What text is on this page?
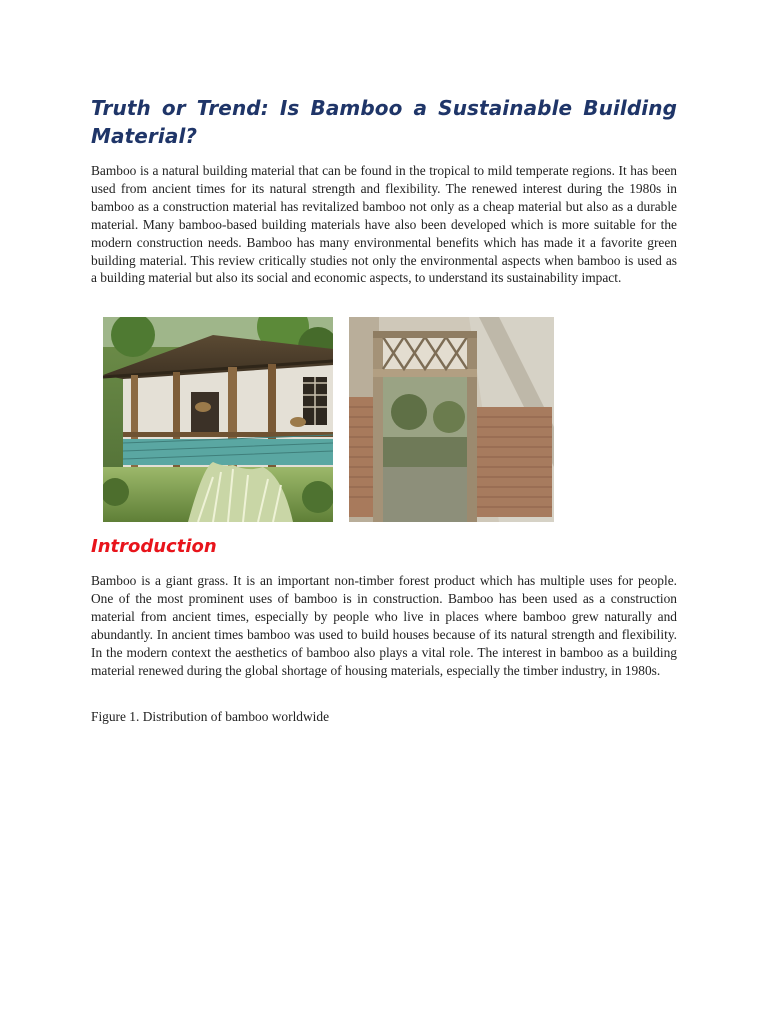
Truth or Trend: Is Bamboo a Sustainable Building Material?

Bamboo is a natural building material that can be found in the tropical to mild temperate regions. It has been used from ancient times for its natural strength and flexibility. The renewed interest during the 1980s in bamboo as a construction material has revitalized bamboo not only as a cheap material but also as a durable material. Many bamboo-based building materials have also been developed which is more suitable for the modern construction needs. Bamboo has many environmental benefits which has made it a favorite green building material. This review critically studies not only the environmental aspects when bamboo is used as a building material but also its social and economic aspects, to understand its sustainability impact.

Introduction

Bamboo is a giant grass. It is an important non-timber forest product which has multiple uses for people. One of the most prominent uses of bamboo is in construction. Bamboo has been used as a construction material from ancient times, especially by people who live in places where bamboo grew naturally and abundantly. In ancient times bamboo was used to build houses because of its natural strength and flexibility. In the modern context the aesthetics of bamboo also plays a vital role. The interest in bamboo as a building material renewed during the global shortage of housing materials, especially the timber industry, in 1980s.

Figure 1. Distribution of bamboo worldwide
